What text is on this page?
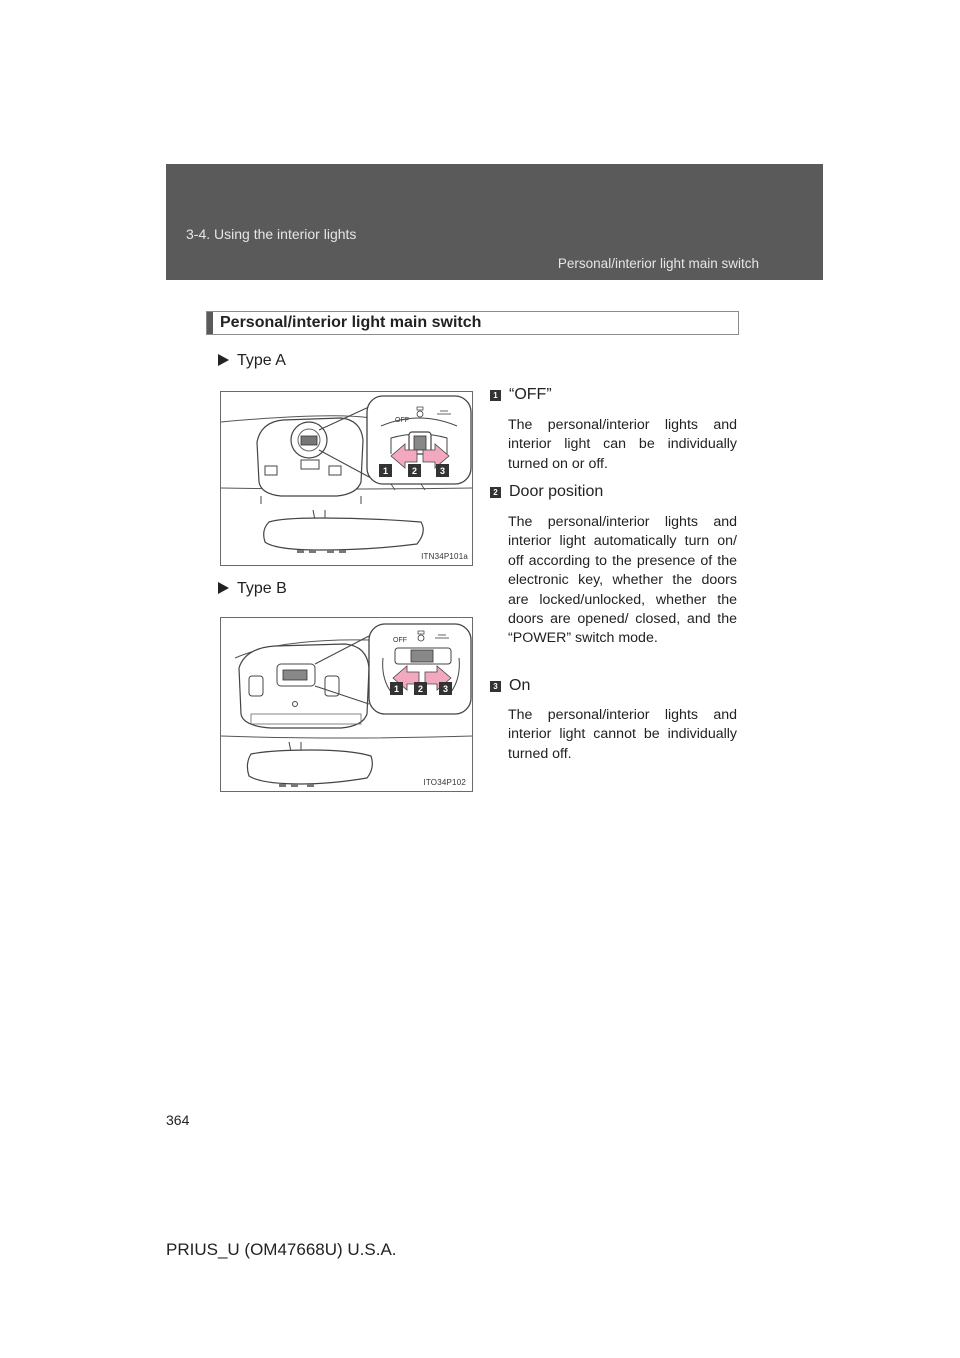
3-4. Using the interior lights
Personal/interior light main switch
Personal/interior light main switch
Type A
OFF
1	2	3
ITN34P101a
Type B
OFF
1 2 3
ITO34P102
1 “OFF”

The personal/interior lights and interior light can be individually turned on or off.

2 Door position

The personal/interior lights and interior light automatically turn on/ off according to the presence of the electronic key, whether the doors are locked/unlocked, whether the doors are opened/ closed, and the “POWER” switch mode.

3 On

The personal/interior lights and interior light cannot be individually turned off.

364
PRIUS_U (OM47668U) U.S.A.
